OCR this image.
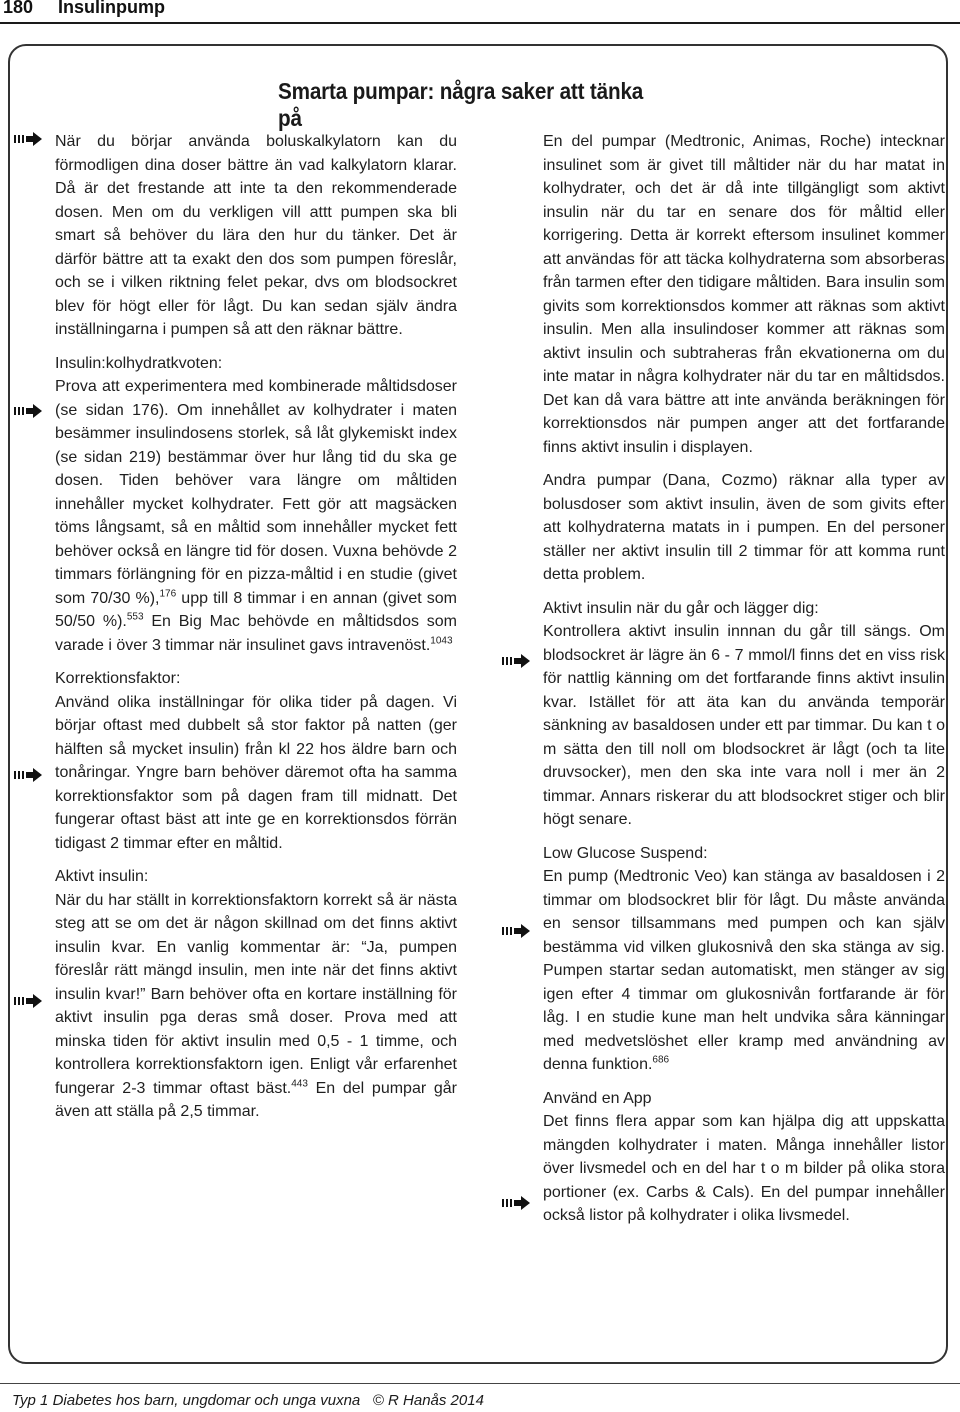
180 Insulinpump
Smarta pumpar: några saker att tänka på

När du börjar använda boluskalkylatorn kan du förmodligen dina doser bättre än vad kalkylatorn klarar. Då är det frestande att inte ta den rekommenderade dosen. Men om du verkligen vill attt pumpen ska bli smart så behöver du lära den hur du tänker. Det är därför bättre att ta exakt den dos som pumpen föreslår, och se i vilken riktning felet pekar, dvs om blodsockret blev för högt eller för lågt. Du kan sedan själv ändra inställningarna i pumpen så att den räknar bättre.

Insulin:kolhydratkvoten:

Prova att experimentera med kombinerade måltidsdoser (se sidan 176). Om innehållet av kolhydrater i maten besämmer insulindosens storlek, så låt glykemiskt index (se sidan 219) bestämmar över hur lång tid du ska ge dosen. Tiden behöver vara längre om måltiden innehåller mycket kolhydrater. Fett gör att magsäcken töms långsamt, så en måltid som innehåller mycket fett behöver också en längre tid för dosen. Vuxna behövde 2 timmars förlängning för en pizza-måltid i en studie (givet som 70/30 %),$^{176}$ upp till 8 timmar i en annan (givet som 50/50 %).$^{553}$ En Big Mac behövde en måltidsdos som varade i över 3 timmar när insulinet gavs intravenöst.$^{1043}$

Korrektionsfaktor:

Använd olika inställningar för olika tider på dagen. Vi börjar oftast med dubbelt så stor faktor på natten (ger hälften så mycket insulin) från kl 22 hos äldre barn och tonåringar. Yngre barn behöver däremot ofta ha samma korrektionsfaktor som på dagen fram till midnatt. Det fungerar oftast bäst att inte ge en korrektionsdos förrän tidigast 2 timmar efter en måltid.

Aktivt insulin:

När du har ställt in korrektionsfaktorn korrekt så är nästa steg att se om det är någon skillnad om det finns aktivt insulin kvar. En vanlig kommentar är: “Ja, pumpen föreslår rätt mängd insulin, men inte när det finns aktivt insulin kvar!” Barn behöver ofta en kortare inställning för aktivt insulin pga deras små doser. Prova med att minska tiden för aktivt insulin med 0,5 - 1 timme, och kontrollera korrektionsfaktorn igen. Enligt vår erfarenhet fungerar 2-3 timmar oftast bäst.$^{443}$ En del pumpar går även att ställa på 2,5 timmar.

En del pumpar (Medtronic, Animas, Roche) intecknar insulinet som är givet till måltider när du har matat in kolhydrater, och det är då inte tillgängligt som aktivt insulin när du tar en senare dos för måltid eller korrigering. Detta är korrekt eftersom insulinet kommer att användas för att täcka kolhydraterna som absorberas från tarmen efter den tidigare måltiden. Bara insulin som givits som korrektionsdos kommer att räknas som aktivt insulin. Men alla insulindoser kommer att räknas som aktivt insulin och subtraheras från ekvationerna om du inte matar in några kolhydrater när du tar en måltidsdos. Det kan då vara bättre att inte använda beräkningen för korrektionsdos när pumpen anger att det fortfarande finns aktivt insulin i displayen.

Andra pumpar (Dana, Cozmo) räknar alla typer av bolusdoser som aktivt insulin, även de som givits efter att kolhydraterna matats in i pumpen. En del personer ställer ner aktivt insulin till 2 timmar för att komma runt detta problem.

Aktivt insulin när du går och lägger dig:

Kontrollera aktivt insulin innnan du går till sängs. Om blodsockret är lägre än 6 - 7 mmol/l finns det en viss risk för nattlig känning om det fortfarande finns aktivt insulin kvar. Istället för att äta kan du använda temporär sänkning av basaldosen under ett par timmar. Du kan t o m sätta den till noll om blodsockret är lågt (och ta lite druvsocker), men den ska inte vara noll i mer än 2 timmar. Annars riskerar du att blodsockret stiger och blir högt senare.

Low Glucose Suspend:

En pump (Medtronic Veo) kan stänga av basaldosen i 2 timmar om blodsockret blir för lågt. Du måste använda en sensor tillsammans med pumpen och kan själv bestämma vid vilken glukosnivå den ska stänga av sig. Pumpen startar sedan automatiskt, men stänger av sig igen efter 4 timmar om glukosnivån fortfarande är för låg. I en studie kune man helt undvika såra känningar med medvetslöshet eller kramp med användning av denna funktion.$^{686}$

Använd en App

Det finns flera appar som kan hjälpa dig att uppskatta mängden kolhydrater i maten. Många innehåller listor över livsmedel och en del har t o m bilder på olika stora portioner (ex. Carbs & Cals). En del pumpar innehåller också listor på kolhydrater i olika livsmedel.

Typ 1 Diabetes hos barn, ungdomar och unga vuxna © R Hanås 2014
